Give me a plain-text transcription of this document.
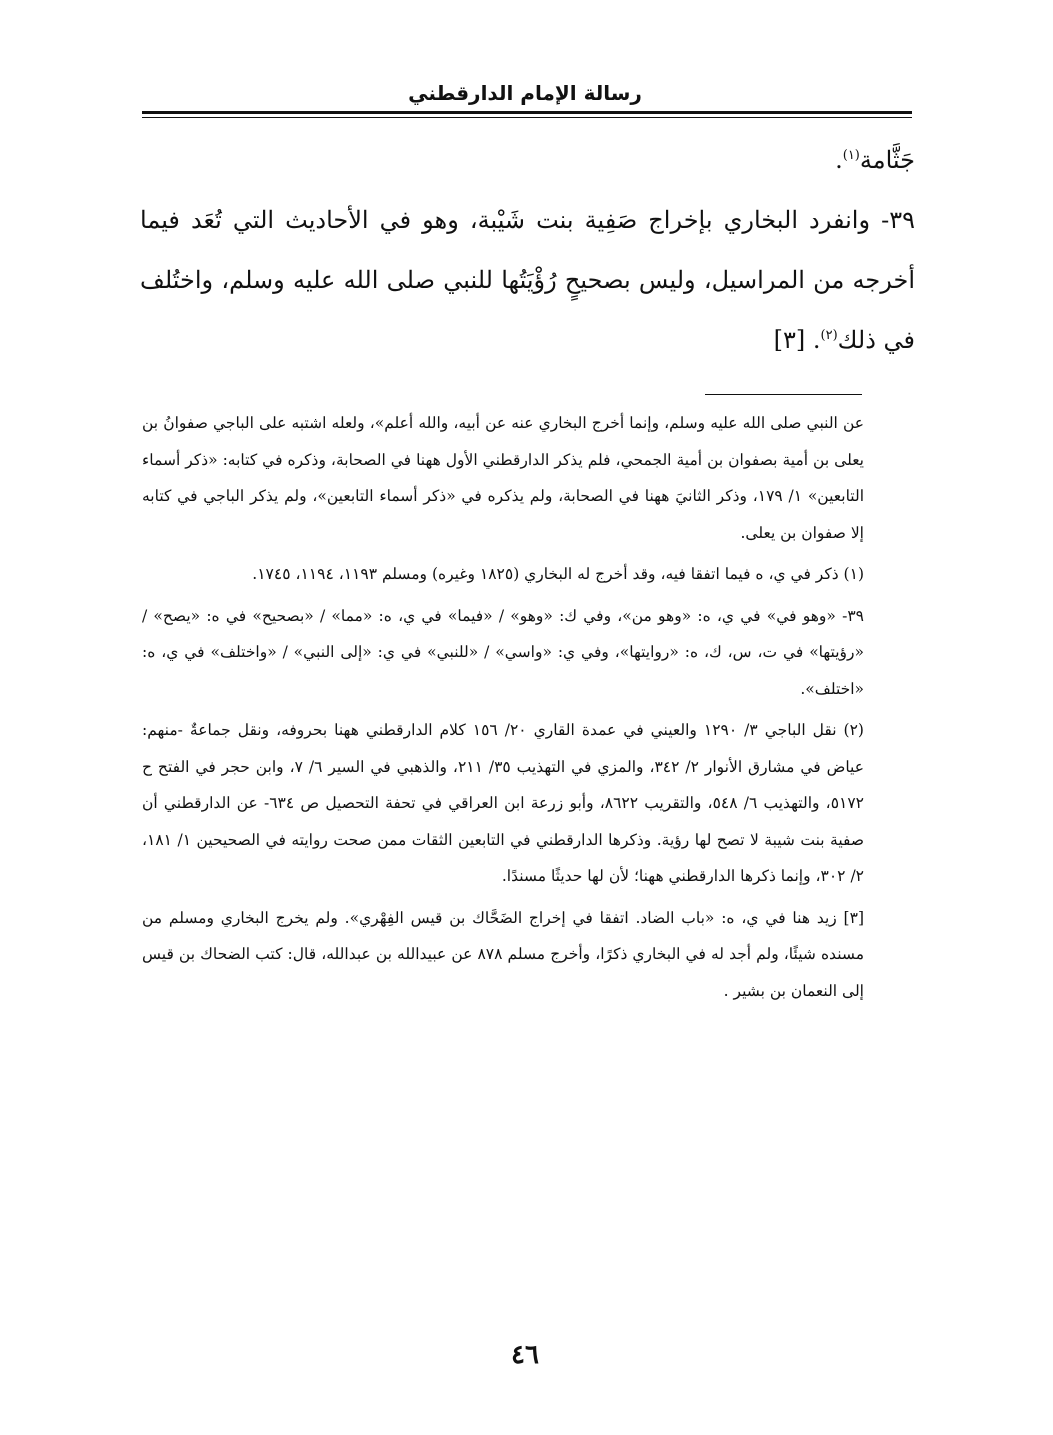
رسالة الإمام الدارقطني

جَثَّامة$^{(١)}$.

٣٩- وانفرد البخاري بإخراج صَفِية بنت شَيْبة، وهو في الأحاديث التي تُعَد فيما أخرجه من المراسيل، وليس بصحيحٍ رُؤْيَتُها للنبي صلى الله عليه وسلم، واختُلف في ذلك$^{(٢)}$. [٣]

عن النبي صلى الله عليه وسلم، وإنما أخرج البخاري عنه عن أبيه، والله أعلم»، ولعله اشتبه على الباجي صفوانُ بن يعلى بن أمية بصفوان بن أمية الجمحي، فلم يذكر الدارقطني الأول ههنا في الصحابة، وذكره في كتابه: «ذكر أسماء التابعين» ١/ ١٧٩، وذكر الثانيَ ههنا في الصحابة، ولم يذكره في «ذكر أسماء التابعين»، ولم يذكر الباجي في كتابه إلا صفوان بن يعلى.

(١) ذكر في ي، ه فيما اتفقا فيه، وقد أخرج له البخاري (١٨٢٥ وغيره) ومسلم ١١٩٣، ١١٩٤، ١٧٤٥.

٣٩- «وهو في» في ي، ه: «وهو من»، وفي ك: «وهو» / «فيما» في ي، ه: «مما» / «بصحيح» في ه: «يصح» / «رؤيتها» في ت، س، ك، ه: «روايتها»، وفي ي: «واسي» / «للنبي» في ي: «إلى النبي» / «واختلف» في ي، ه: «اختلف».

(٢) نقل الباجي ٣/ ١٢٩٠ والعيني في عمدة القاري ٢٠/ ١٥٦ كلام الدارقطني ههنا بحروفه، ونقل جماعةٌ -منهم: عياض في مشارق الأنوار ٢/ ٣٤٢، والمزي في التهذيب ٣٥/ ٢١١، والذهبي في السير ٦/ ٧، وابن حجر في الفتح ح ٥١٧٢، والتهذيب ٦/ ٥٤٨، والتقريب ٨٦٢٢، وأبو زرعة ابن العراقي في تحفة التحصيل ص ٦٣٤- عن الدارقطني أن صفية بنت شيبة لا تصح لها رؤية. وذكرها الدارقطني في التابعين الثقات ممن صحت روايته في الصحيحين ١/ ١٨١، ٢/ ٣٠٢، وإنما ذكرها الدارقطني ههنا؛ لأن لها حديثًا مسندًا.

[٣] زيد هنا في ي، ه: «باب الضاد. اتفقا في إخراج الضَحَّاك بن قيس الفِهْري». ولم يخرج البخاري ومسلم من مسنده شيئًا، ولم أجد له في البخاري ذكرًا، وأخرج مسلم ٨٧٨ عن عبيدالله بن عبدالله، قال: كتب الضحاك بن قيس إلى النعمان بن بشير .

٤٦
